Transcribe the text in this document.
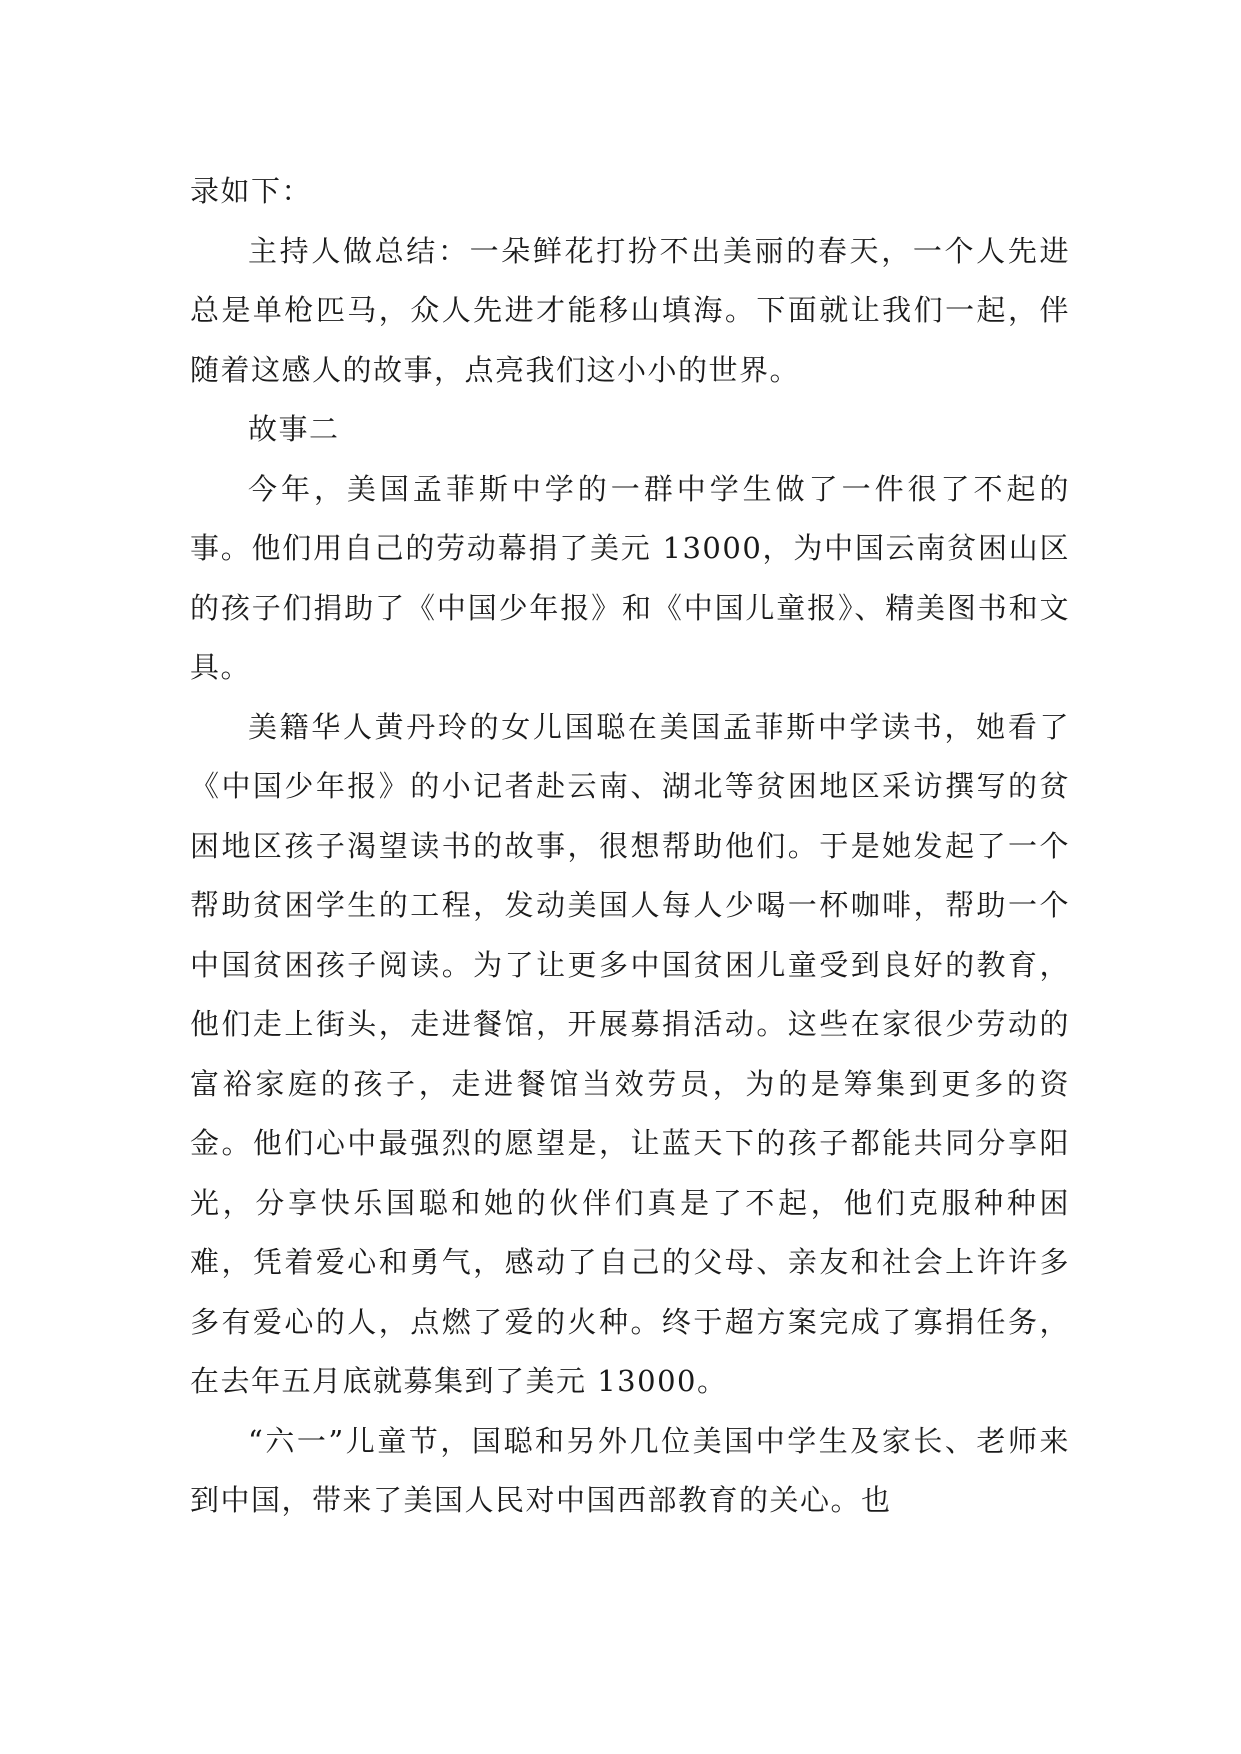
录如下：

主持人做总结：一朵鲜花打扮不出美丽的春天，一个人先进总是单枪匹马，众人先进才能移山填海。下面就让我们一起，伴随着这感人的故事，点亮我们这小小的世界。

故事二

今年，美国孟菲斯中学的一群中学生做了一件很了不起的事。他们用自己的劳动幕捐了美元 13000，为中国云南贫困山区的孩子们捐助了《中国少年报》和《中国儿童报》、精美图书和文具。

美籍华人黄丹玲的女儿国聪在美国孟菲斯中学读书，她看了《中国少年报》的小记者赴云南、湖北等贫困地区采访撰写的贫困地区孩子渴望读书的故事，很想帮助他们。于是她发起了一个帮助贫困学生的工程，发动美国人每人少喝一杯咖啡，帮助一个中国贫困孩子阅读。为了让更多中国贫困儿童受到良好的教育，他们走上街头，走进餐馆，开展募捐活动。这些在家很少劳动的富裕家庭的孩子，走进餐馆当效劳员，为的是筹集到更多的资金。他们心中最强烈的愿望是，让蓝天下的孩子都能共同分享阳光，分享快乐国聪和她的伙伴们真是了不起，他们克服种种困难，凭着爱心和勇气，感动了自己的父母、亲友和社会上许许多多有爱心的人，点燃了爱的火种。终于超方案完成了寡捐任务，在去年五月底就募集到了美元 13000。

“六一”儿童节，国聪和另外几位美国中学生及家长、老师来到中国，带来了美国人民对中国西部教育的关心。也
